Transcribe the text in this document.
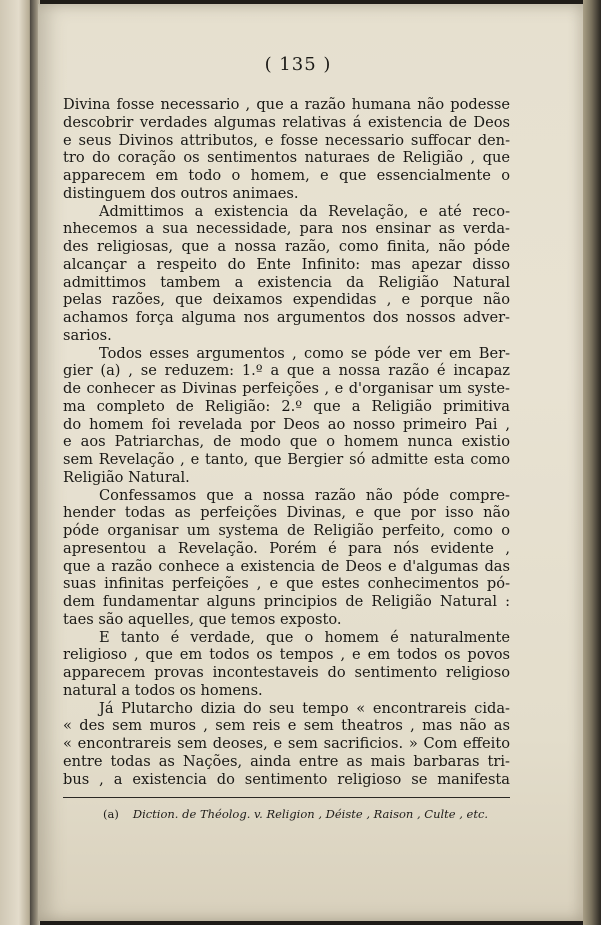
( 135 )
Divina fosse necessario , que a razão humana não podesse
descobrir verdades algumas relativas á existencia de Deos
e seus Divinos attributos, e fosse necessario suffocar den-
tro do coração os sentimentos naturaes de Religião , que
apparecem em todo o homem, e que essencialmente o
distinguem dos outros animaes.
Admittimos a existencia da Revelação, e até reco-
nhecemos a sua necessidade, para nos ensinar as verda-
des religiosas, que a nossa razão, como finita, não póde
alcançar a respeito do Ente Infinito: mas apezar disso
admittimos tambem a existencia da Religião Natural
pelas razões, que deixamos expendidas , e porque não
achamos força alguma nos argumentos dos nossos adver-
sarios.
Todos esses argumentos , como se póde ver em Ber-
gier (a) , se reduzem: 1.º a que a nossa razão é incapaz
de conhecer as Divinas perfeições , e d'organisar um syste-
ma completo de Religião: 2.º que a Religião primitiva
do homem foi revelada por Deos ao nosso primeiro Pai ,
e aos Patriarchas, de modo que o homem nunca existio
sem Revelação , e tanto, que Bergier só admitte esta como
Religião Natural.
Confessamos que a nossa razão não póde compre-
hender todas as perfeições Divinas, e que por isso não
póde organisar um systema de Religião perfeito, como o
apresentou a Revelação. Porém é para nós evidente ,
que a razão conhece a existencia de Deos e d'algumas das
suas infinitas perfeições , e que estes conhecimentos pó-
dem fundamentar alguns principios de Religião Natural :
taes são aquelles, que temos exposto.
E tanto é verdade, que o homem é naturalmente
religioso , que em todos os tempos , e em todos os povos
apparecem provas incontestaveis do sentimento religioso
natural a todos os homens.
Já Plutarcho dizia do seu tempo « encontrareis cida-
« des sem muros , sem reis e sem theatros , mas não as
« encontrareis sem deoses, e sem sacrificios. » Com effeito
entre todas as Nações, ainda entre as mais barbaras tri-
bus , a existencia do sentimento religioso se manifesta
(a) Diction. de Théolog. v. Religion , Déiste , Raison , Culte , etc.
